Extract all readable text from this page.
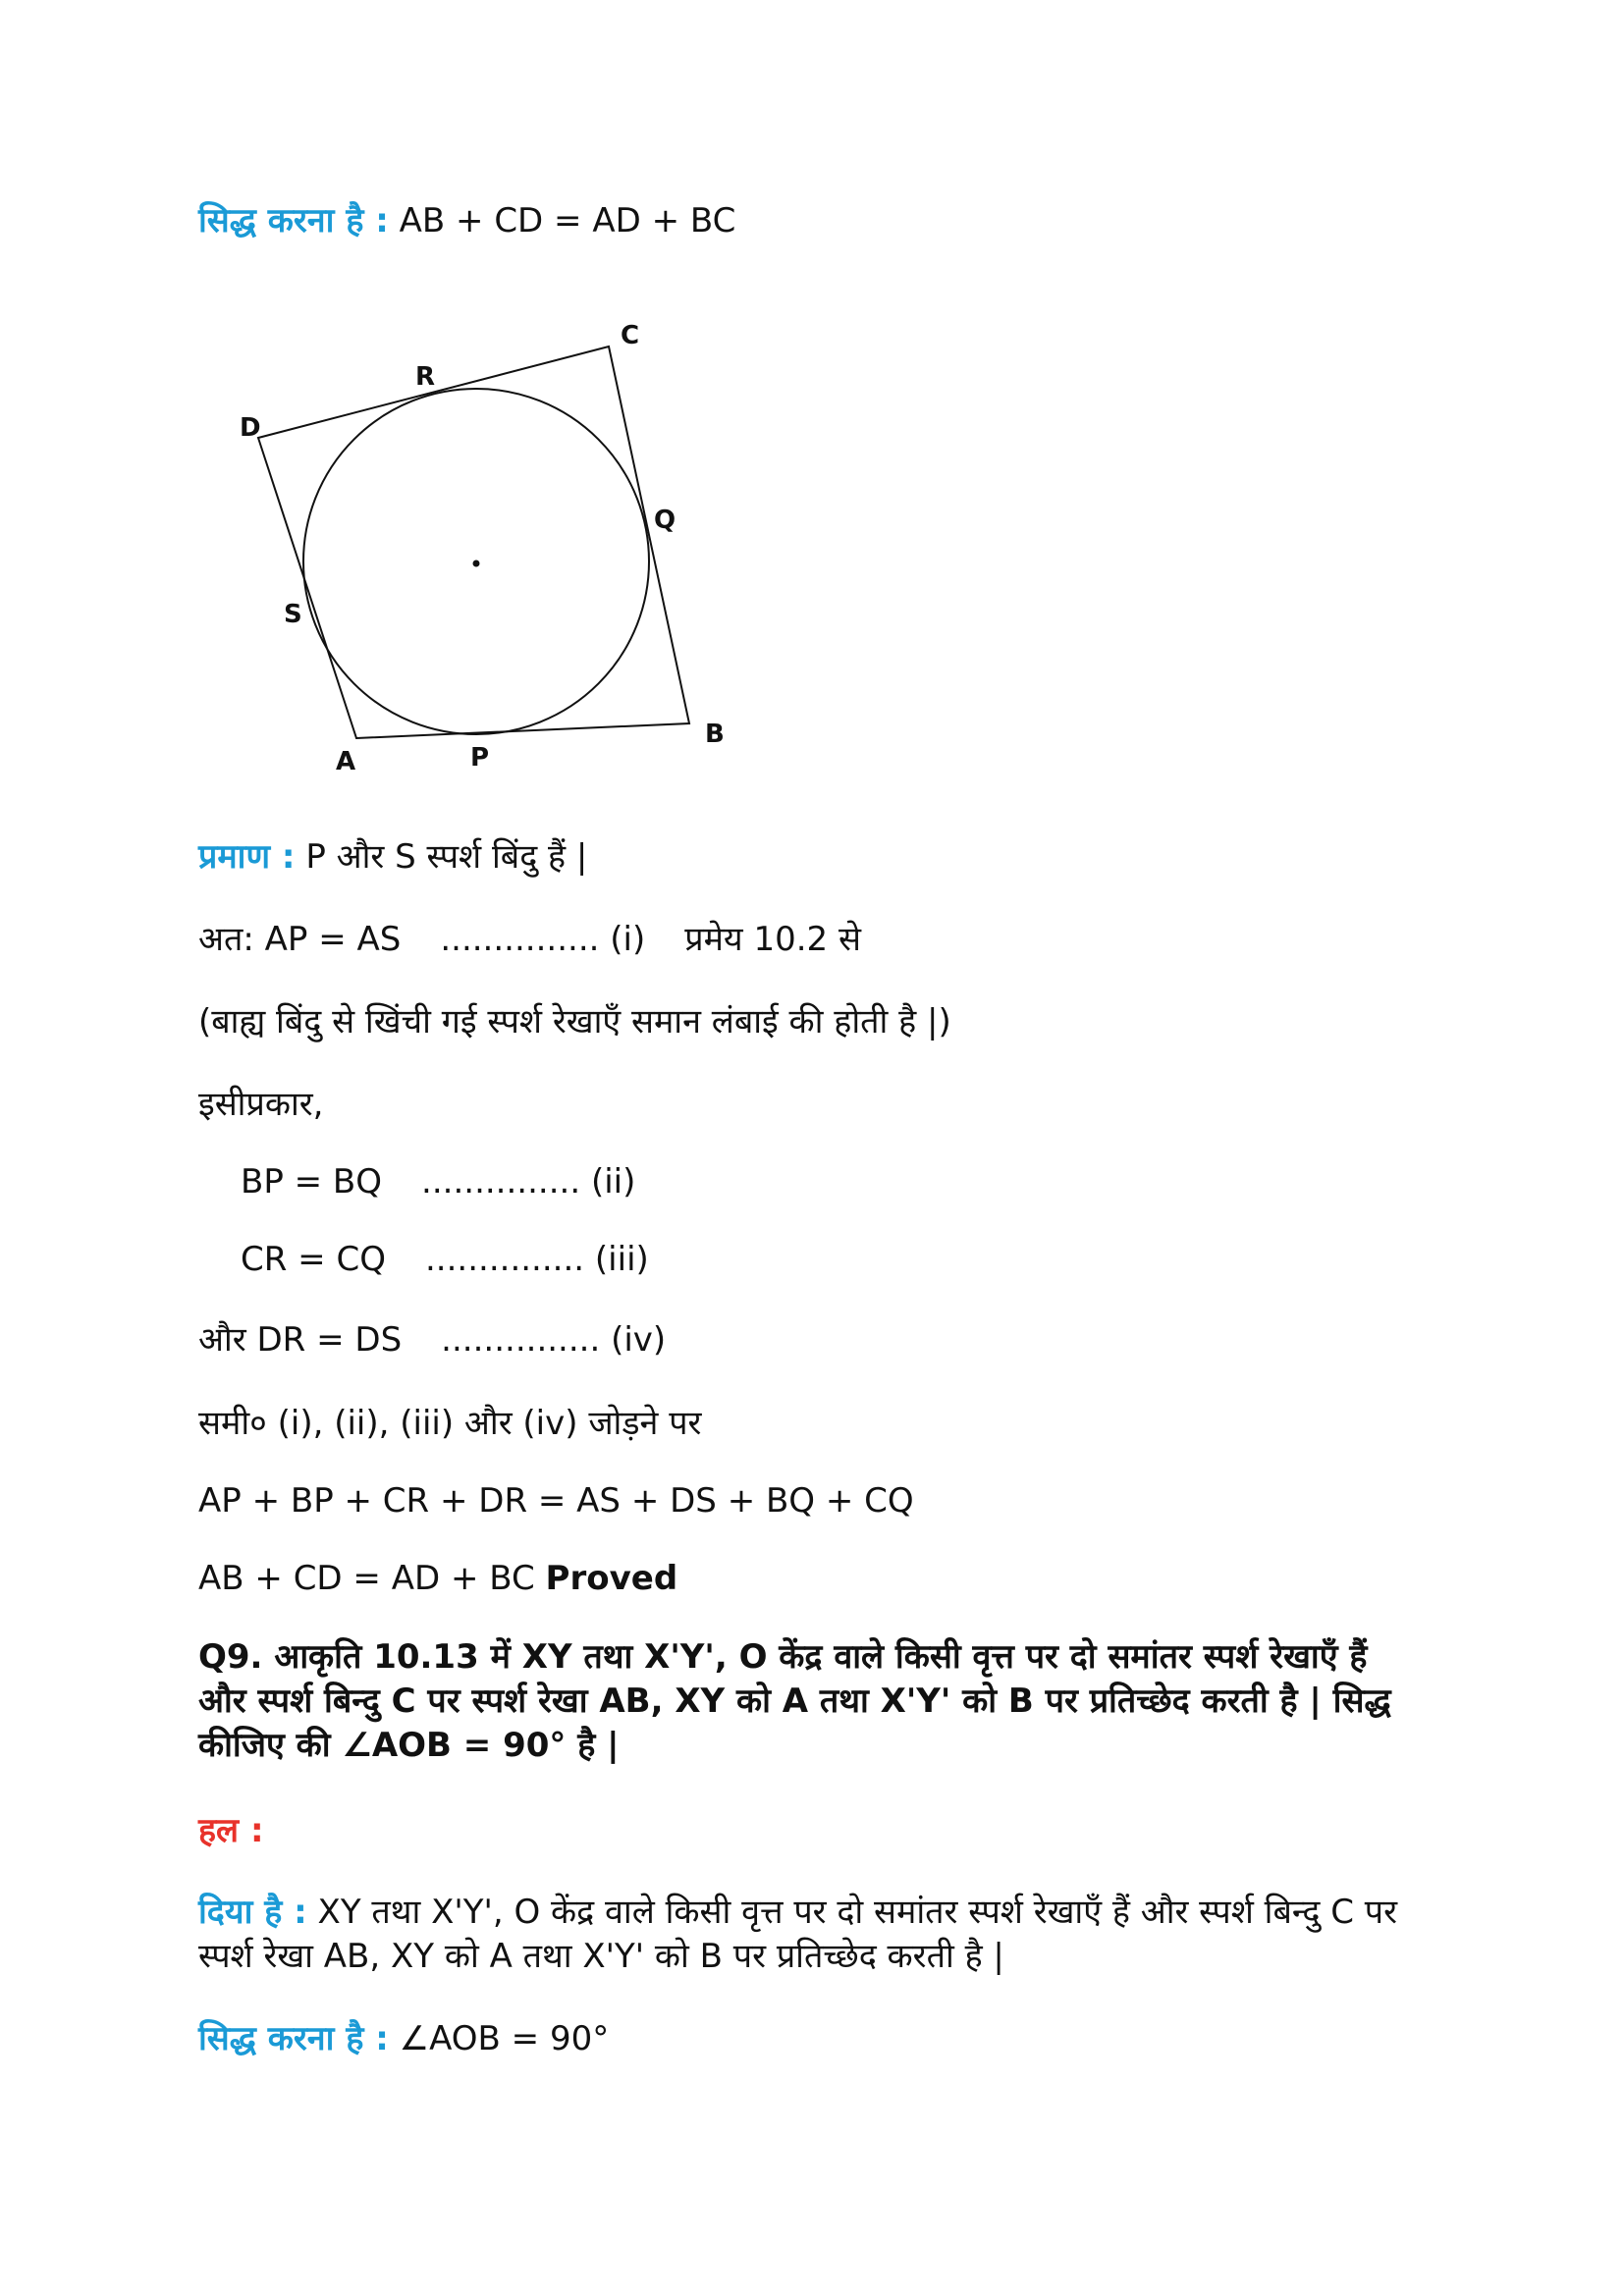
सिद्ध करना है : AB + CD = AD + BC
C
R
D
Q
S
B
A	P
प्रमाण : P और S स्पर्श बिंदु हैं |
अत: AP = AS ............... (i) प्रमेय 10.2 से
(बाह्य बिंदु से खिंची गई स्पर्श रेखाएँ समान लंबाई की होती है |)
इसीप्रकार,
BP = BQ ............... (ii)
CR = CQ ............... (iii)
और DR = DS ............... (iv)
समी० (i), (ii), (iii) और (iv) जोड़ने पर
AP + BP + CR + DR = AS + DS + BQ + CQ
AB + CD = AD + BC Proved
Q9. आकृति 10.13 में XY तथा X'Y', O केंद्र वाले किसी वृत्त पर दो समांतर स्पर्श रेखाएँ हैं
और स्पर्श बिन्दु C पर स्पर्श रेखा AB, XY को A तथा X'Y' को B पर प्रतिच्छेद करती है | सिद्ध
कीजिए की ∠AOB = 90° है |
हल :
दिया है : XY तथा X'Y', O केंद्र वाले किसी वृत्त पर दो समांतर स्पर्श रेखाएँ हैं और स्पर्श बिन्दु C पर
स्पर्श रेखा AB, XY को A तथा X'Y' को B पर प्रतिच्छेद करती है |
सिद्ध करना है : ∠AOB = 90°
